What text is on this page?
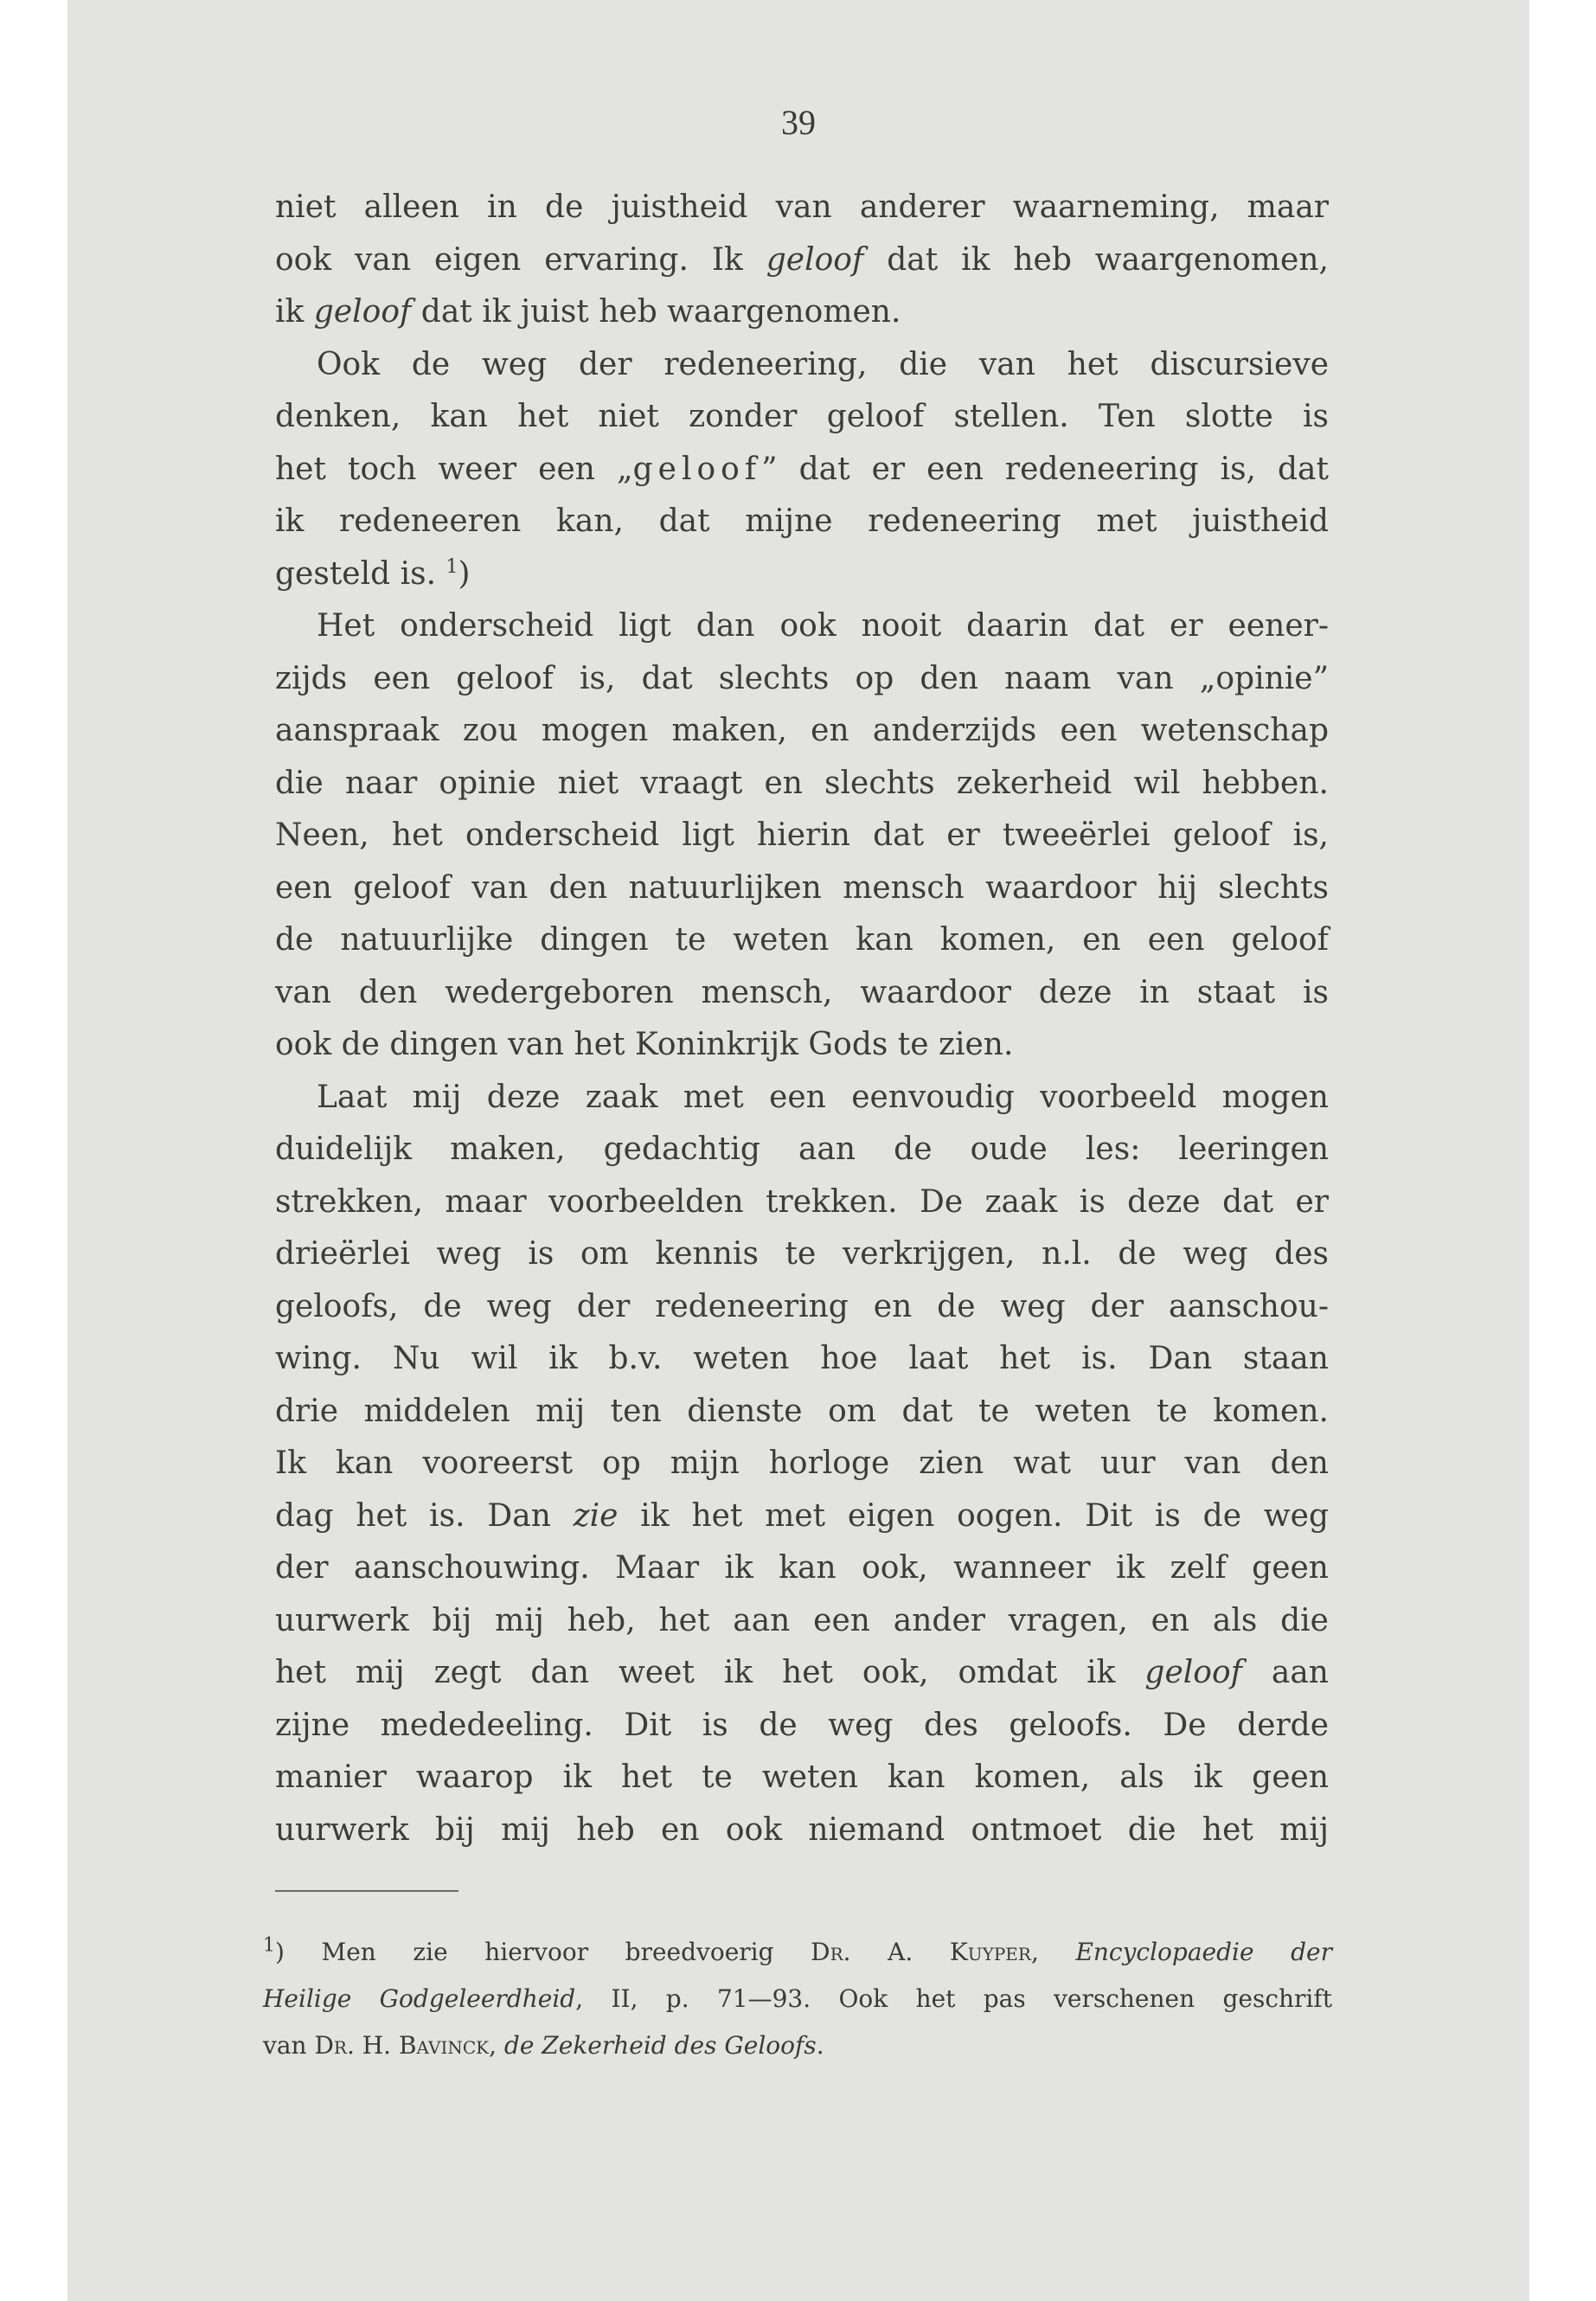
39
niet alleen in de juistheid van anderer waarneming, maar
ook van eigen ervaring. Ik geloof dat ik heb waargenomen,
ik geloof dat ik juist heb waargenomen.
Ook de weg der redeneering, die van het discursieve
denken, kan het niet zonder geloof stellen. Ten slotte is
het toch weer een „geloof” dat er een redeneering is, dat
ik redeneeren kan, dat mijne redeneering met juistheid
gesteld is. $^1$)
Het onderscheid ligt dan ook nooit daarin dat er eener-
zijds een geloof is, dat slechts op den naam van „opinie”
aanspraak zou mogen maken, en anderzijds een wetenschap
die naar opinie niet vraagt en slechts zekerheid wil hebben.
Neen, het onderscheid ligt hierin dat er tweeërlei geloof is,
een geloof van den natuurlijken mensch waardoor hij slechts
de natuurlijke dingen te weten kan komen, en een geloof
van den wedergeboren mensch, waardoor deze in staat is
ook de dingen van het Koninkrijk Gods te zien.
Laat mij deze zaak met een eenvoudig voorbeeld mogen
duidelijk maken, gedachtig aan de oude les: leeringen
strekken, maar voorbeelden trekken. De zaak is deze dat er
drieërlei weg is om kennis te verkrijgen, n.l. de weg des
geloofs, de weg der redeneering en de weg der aanschou-
wing. Nu wil ik b.v. weten hoe laat het is. Dan staan
drie middelen mij ten dienste om dat te weten te komen.
Ik kan vooreerst op mijn horloge zien wat uur van den
dag het is. Dan zie ik het met eigen oogen. Dit is de weg
der aanschouwing. Maar ik kan ook, wanneer ik zelf geen
uurwerk bij mij heb, het aan een ander vragen, en als die
het mij zegt dan weet ik het ook, omdat ik geloof aan
zijne mededeeling. Dit is de weg des geloofs. De derde
manier waarop ik het te weten kan komen, als ik geen
uurwerk bij mij heb en ook niemand ontmoet die het mij
$^1$) Men zie hiervoor breedvoerig Dr. A. Kuyper, Encyclopaedie der
Heilige Godgeleerdheid, II, p. 71—93. Ook het pas verschenen geschrift
van Dr. H. Bavinck, de Zekerheid des Geloofs.
